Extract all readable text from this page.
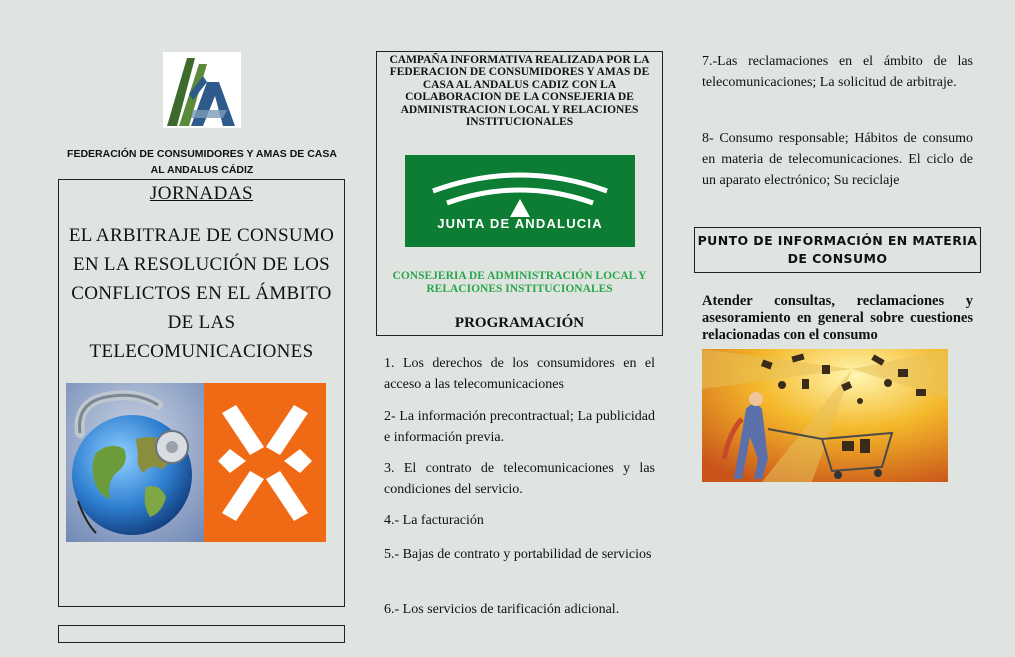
FEDERACIÓN DE CONSUMIDORES Y AMAS DE CASA AL ANDALUS CÁDIZ
JORNADAS
EL ARBITRAJE DE CONSUMO EN LA RESOLUCIÓN DE LOS CONFLICTOS EN EL ÁMBITO DE LAS TELECOMUNICACIONES
CAMPAÑA INFORMATIVA REALIZADA POR LA FEDERACION DE CONSUMIDORES Y AMAS DE CASA AL ANDALUS CADIZ CON LA COLABORACION DE LA CONSEJERIA DE ADMINISTRACION LOCAL Y RELACIONES INSTITUCIONALES
JUNTA DE ANDALUCIA
CONSEJERIA DE ADMINISTRACIÓN LOCAL Y RELACIONES INSTITUCIONALES
PROGRAMACIÓN
1. Los derechos de los consumidores en el acceso a las telecomunicaciones
2- La información precontractual; La publicidad e información previa.
3. El contrato de telecomunicaciones y las condiciones del servicio.
4.- La facturación
5.- Bajas de contrato y portabilidad de servicios
6.- Los servicios de tarificación adicional.
7.-Las reclamaciones en el ámbito de las telecomunicaciones; La solicitud de arbitraje.
8- Consumo responsable; Hábitos de consumo en materia de telecomunicaciones. El ciclo de un aparato electrónico; Su reciclaje
PUNTO DE INFORMACIÓN EN MATERIA DE CONSUMO
Atender consultas, reclamaciones y asesoramiento en general sobre cuestiones relacionadas con el consumo
